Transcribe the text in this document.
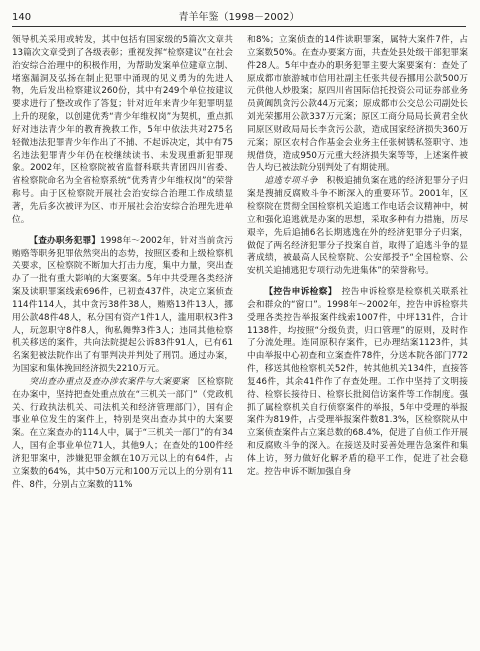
140	青羊年鉴（1998－2002）

领导机关采用或转发，其中包括有国家级的5篇次文章共13篇次文章受到了各级表彰；重视发挥“检察建议”在社会治安综合治理中的积极作用，为帮助发案单位建章立制、堵塞漏洞及弘扬在制止犯罪中涌现的见义勇为的先进人物，先后发出检察建议260份，其中有249个单位按建议要求进行了整改或作了答复；针对近年来青少年犯罪明显上升的现象，以创建优秀“青少年维权岗”为契机，重点抓好对违法青少年的教育挽救工作，5年中依法共对275名轻微违法犯罪青少年作出了不捕、不起诉决定，其中有75名违法犯罪青少年仍在校继续读书、未发现重新犯罪现象。2002年，区检察院被省监督科联共青团四川省委、省检察院命名为全省检察系统“优秀青少年维权岗”的荣誉称号。由于区检察院开展社会治安综合治理工作成绩显著，先后多次被评为区、市开展社会治安综合治理先进单位。

【查办职务犯罪】1998年～2002年，针对当前贪污贿赂等职务犯罪依然突出的态势，按照区委和上级检察机关要求，区检察院不断加大打击力度，集中力量，突出查办了一批有重大影响的大案要案。5年中共受理各类经济案及读职罪案线索696件，已初查437件，决定立案侦查114件114人，其中贪污38件38人，贿赂13件13人，挪用公款48件48人，私分国有资产1件1人，滥用职权3件3人，玩忽职守8件8人，徇私舞弊3件3人；违同其他检察机关移送的案件，共向法院提起公诉83件91人，已有61名案犯被法院作出了有罪判决并判处了刑罚。通过办案，为国家和集体挽回经济损失2210万元。

突出查办重点及查办涉农案件与大案要案　 区检察院在办案中，坚持把查处重点放在“三机关一部门”（党政机关、行政执法机关、司法机关和经济管理部门），国有企事业单位发生的案件上，特别是突出查办其中的大案要案。在立案查办的114人中，属于“三机关一部门”的有34人，国有企事业单位71人，其他9人；在查处的100件经济犯罪案中，涉嫌犯罪金额在10万元以上的有64件，占立案数的64%，其中50万元和100万元以上的分别有11件、8件，分别占立案数的11%

和8%；立案侦查的14件读职罪案，属特大案件7件，占立案数50%。在查办要案方面，共查处县处级干部犯罪案件28人。5年中查办的职务犯罪主要大案要案有：查处了原成都市旅游城市信用社副主任张共侵吞挪用公款500万元供他人炒股案；原四川省国际信托投资公司证券部业务员黄阗凯贪污公款44万元案；原成都市公交总公司副处长刘光荣挪用公款337万元案；原区工商分局局长黄君全伙同原区财政局局长李贪污公款，造成国家经济损失360万元案；原区农村合作基金会业务主任张树锈私签职守、违规借贷，造成950万元重大经济损失案等等，上述案件被告人均已被法院分别判处了有期徒刑。

追逃专项斗争　 积极追捕负案在逃的经济犯罪分子归案是搜捕反腐败斗争不断深入的重要环节。2001年，区检察院在贯彻全国检察机关追逃工作电话会议精神中，树立和强化追逃就是办案的思想，采取多种有力措施，历尽艰辛，先后追捕6名长期逃逸在外的经济犯罪分子归案，做促了两名经济犯罪分子投案自首，取得了追逃斗争的显著成绩，被最高人民检察院、公安部授予“全国检察、公安机关追捕逃犯专项行动先进集体”的荣誉称号。

【控告申诉检察】　 控告申诉检察是检察机关联系社会和群众的“窗口”。1998年～2002年，控告申诉检察共受理各类控告举报案件线索1007件，中坪131件，合计1138件，均按照“分级负责，归口管理”的原则，及时作了分流处理。连同原积存案件，已办理结案1123件，其中由举报中心初查和立案查件78件，分送本院各部门772件，移送其他检察机关52件，转其他机关134件，直接答复46件，其余41件作了存查处理。工作中坚持了文明接待、检察长接待日、检察长批阅信访案件等工作制度。强抓了属检察机关自行侦察案件的举报，5年中受理的举报案件为819件，占受理举报案件数81.3%，区检察院从中立案侦查案件占立案总数的68.4%，促进了自侦工作开展和反腐败斗争的深入。在接送及时妥善处理告急案件和集体上访，努力做好化解矛盾的稳平工作，促进了社会稳定。控告申诉不断加强自身
